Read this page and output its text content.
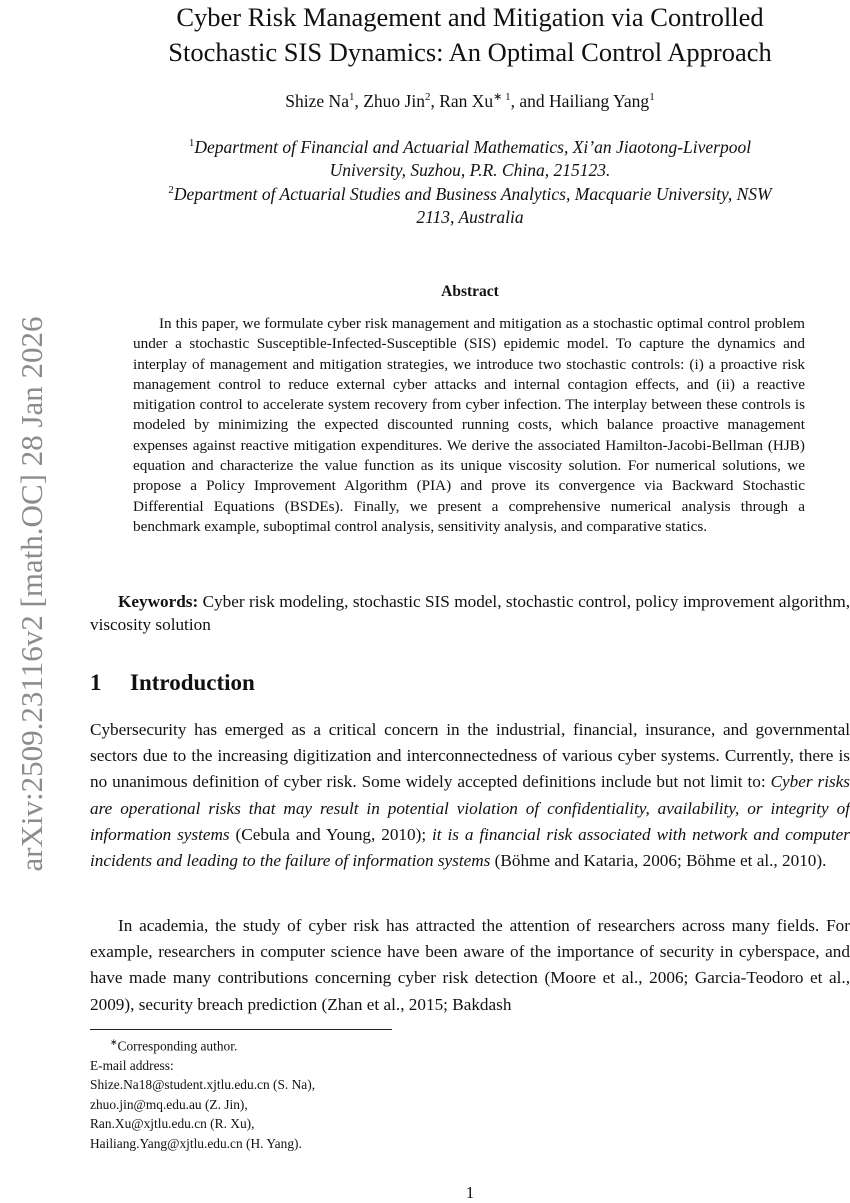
arXiv:2509.23116v2 [math.OC] 28 Jan 2026
Cyber Risk Management and Mitigation via Controlled
Stochastic SIS Dynamics: An Optimal Control Approach
Shize Na$^1$, Zhuo Jin$^2$, Ran $Xu^{∗ 1}$, and Hailiang Yang$^1$
$^1$Department of Financial and Actuarial Mathematics, Xi’an Jiaotong-Liverpool
University, Suzhou, P.R. China, 215123.
$^2$Department of Actuarial Studies and Business Analytics, Macquarie University, NSW
2113, Australia
Abstract

In this paper, we formulate cyber risk management and mitigation as a stochastic optimal control problem under a stochastic Susceptible-Infected-Susceptible (SIS) epidemic model. To capture the dynamics and interplay of management and mitigation strategies, we introduce two stochastic controls: (i) a proactive risk management control to reduce external cyber attacks and internal contagion effects, and (ii) a reactive mitigation control to accelerate system recovery from cyber infection. The interplay between these controls is modeled by minimizing the expected discounted running costs, which balance proactive management expenses against reactive mitigation expenditures. We derive the associated Hamilton-Jacobi-Bellman (HJB) equation and characterize the value function as its unique viscosity solution. For numerical solutions, we propose a Policy Improvement Algorithm (PIA) and prove its convergence via Backward Stochastic Differential Equations (BSDEs). Finally, we present a comprehensive numerical analysis through a benchmark example, suboptimal control analysis, sensitivity analysis, and comparative statics.

Keywords: Cyber risk modeling, stochastic SIS model, stochastic control, policy improvement algorithm, viscosity solution

1 Introduction

Cybersecurity has emerged as a critical concern in the industrial, financial, insurance, and governmental sectors due to the increasing digitization and interconnectedness of various cyber systems. Currently, there is no unanimous definition of cyber risk. Some widely accepted definitions include but not limit to: Cyber risks are operational risks that may result in potential violation of confidentiality, availability, or integrity of information systems (Cebula and Young, 2010); it is a financial risk associated with network and computer incidents and leading to the failure of information systems (Böhme and Kataria, 2006; Böhme et al., 2010).

In academia, the study of cyber risk has attracted the attention of researchers across many fields. For example, researchers in computer science have been aware of the importance of security in cyberspace, and have made many contributions concerning cyber risk detection (Moore et al., 2006; Garcia-Teodoro et al., 2009), security breach prediction (Zhan et al., 2015; Bakdash

∗Corresponding author.
E-mail address:
Shize.Na18@student.xjtlu.edu.cn (S. Na),
zhuo.jin@mq.edu.au (Z. Jin),
Ran.Xu@xjtlu.edu.cn (R. Xu),
Hailiang.Yang@xjtlu.edu.cn (H. Yang).
1
